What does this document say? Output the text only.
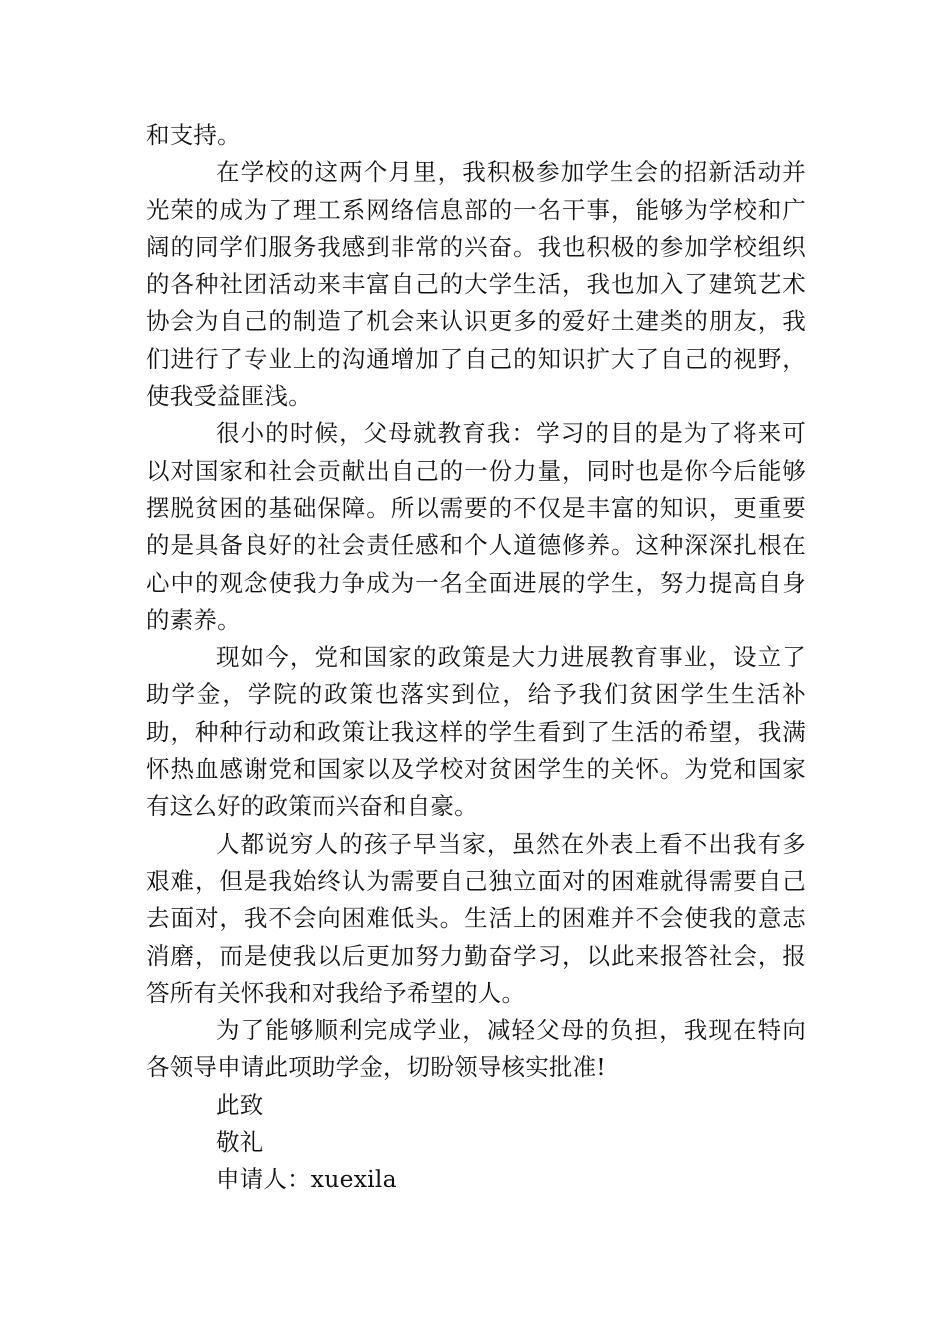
和支持。

在学校的这两个月里，我积极参加学生会的招新活动并光荣的成为了理工系网络信息部的一名干事，能够为学校和广阔的同学们服务我感到非常的兴奋。我也积极的参加学校组织的各种社团活动来丰富自己的大学生活，我也加入了建筑艺术协会为自己的制造了机会来认识更多的爱好土建类的朋友，我们进行了专业上的沟通增加了自己的知识扩大了自己的视野，使我受益匪浅。

很小的时候，父母就教育我：学习的目的是为了将来可以对国家和社会贡献出自己的一份力量，同时也是你今后能够摆脱贫困的基础保障。所以需要的不仅是丰富的知识，更重要的是具备良好的社会责任感和个人道德修养。这种深深扎根在心中的观念使我力争成为一名全面进展的学生，努力提高自身的素养。

现如今，党和国家的政策是大力进展教育事业，设立了助学金，学院的政策也落实到位，给予我们贫困学生生活补助，种种行动和政策让我这样的学生看到了生活的希望，我满怀热血感谢党和国家以及学校对贫困学生的关怀。为党和国家有这么好的政策而兴奋和自豪。

人都说穷人的孩子早当家，虽然在外表上看不出我有多艰难，但是我始终认为需要自己独立面对的困难就得需要自己去面对，我不会向困难低头。生活上的困难并不会使我的意志消磨，而是使我以后更加努力勤奋学习，以此来报答社会，报答所有关怀我和对我给予希望的人。

为了能够顺利完成学业，减轻父母的负担，我现在特向各领导申请此项助学金，切盼领导核实批准!

此致

敬礼

申请人：xuexila
